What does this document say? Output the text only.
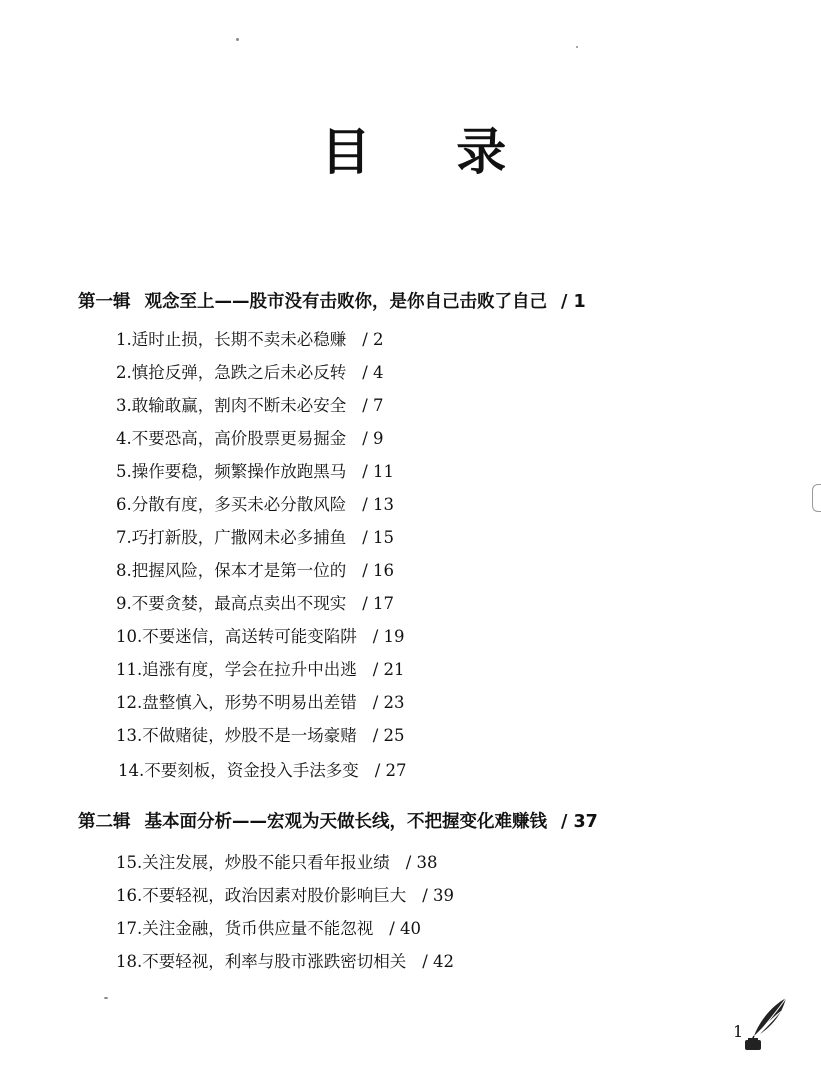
目 录
第一辑 观念至上——股市没有击败你，是你自己击败了自己 / 1
1.适时止损，长期不卖未必稳赚 / 2
2.慎抢反弹，急跌之后未必反转 / 4
3.敢输敢赢，割肉不断未必安全 / 7
4.不要恐高，高价股票更易掘金 / 9
5.操作要稳，频繁操作放跑黑马 / 11
6.分散有度，多买未必分散风险 / 13
7.巧打新股，广撒网未必多捕鱼 / 15
8.把握风险，保本才是第一位的 / 16
9.不要贪婪，最高点卖出不现实 / 17
10.不要迷信，高送转可能变陷阱 / 19
11.追涨有度，学会在拉升中出逃 / 21
12.盘整慎入，形势不明易出差错 / 23
13.不做赌徒，炒股不是一场豪赌 / 25
14.不要刻板，资金投入手法多变 / 27
第二辑 基本面分析——宏观为天做长线，不把握变化难赚钱 / 37
15.关注发展，炒股不能只看年报业绩 / 38
16.不要轻视，政治因素对股价影响巨大 / 39
17.关注金融，货币供应量不能忽视 / 40
18.不要轻视，利率与股市涨跌密切相关 / 42
1
